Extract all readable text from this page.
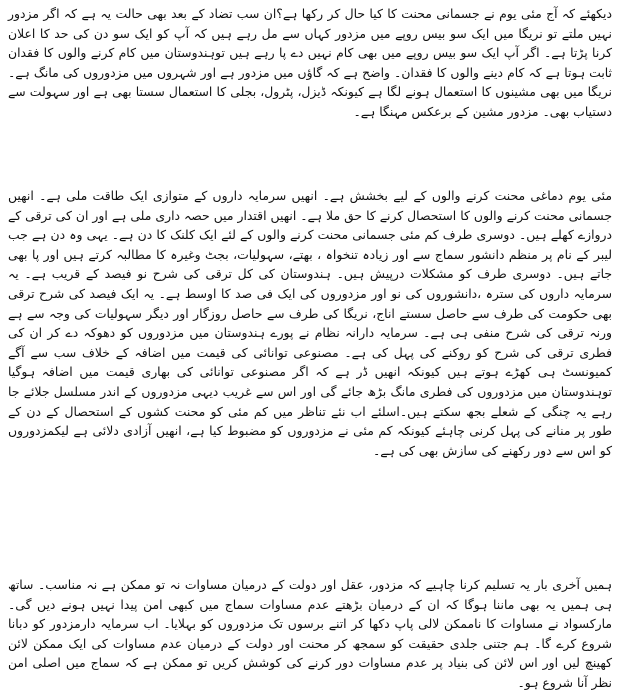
دیکھئے کہ آج مئی یوم نے جسمانی محنت کا کیا حال کر رکھا ہے؟ان سب تضاد کے بعد بھی حالت یہ ہے کہ اگر مزدور نہیں ملتے تو نریگا میں ایک سو بیس روپے میں مزدور کہاں سے مل رہے ہیں کہ آپ کو ایک سو دن کی حد کا اعلان کرنا پڑتا ہے۔ اگر آپ ایک سو بیس روپے میں بھی کام نہیں دے پا رہے ہیں توہندوستان میں کام کرنے والوں کا فقدان ثابت ہوتا ہے کہ کام دینے والوں کا فقدان۔ واضح ہے کہ گاؤں میں مزدور ہے اور شہروں میں مزدوروں کی مانگ ہے۔ نریگا میں بھی مشینوں کا استعمال ہونے لگا ہے کیونکہ ڈیزل، پٹرول، بجلی کا استعمال سستا بھی ہے اور سہولت سے دستیاب بھی۔ مزدور مشین کے برعکس مہنگا ہے۔

مئی یوم دماغی محنت کرنے والوں کے لیے بخشش ہے۔ انھیں سرمایہ داروں کے متوازی ایک طاقت ملی ہے۔ انھیں جسمانی محنت کرنے والوں کا استحصال کرنے کا حق ملا ہے۔ انھیں اقتدار میں حصہ داری ملی ہے اور ان کی ترقی کے دروازے کھلے ہیں۔ دوسری طرف کم مئی جسمانی محنت کرنے والوں کے لئے ایک کلنک کا دن ہے۔ یہی وہ دن ہے جب لیبر کے نام پر منظم دانشور سماج سے اور زیادہ تنخواہ ، بھتے، سہولیات، بجٹ وغیرہ کا مطالبہ کرتے ہیں اور پا بھی جاتے ہیں۔ دوسری طرف کو مشکلات درپیش ہیں۔ ہندوستان کی کل ترقی کی شرح نو فیصد کے قریب ہے۔ یہ سرمایہ داروں کی سترہ ،دانشوروں کی نو اور مزدوروں کی ایک فی صد کا اوسط ہے۔ یہ ایک فیصد کی شرح ترقی بھی حکومت کی طرف سے حاصل سستے اناج، نریگا کی طرف سے حاصل روزگار اور دیگر سہولیات کی وجہ سے ہے ورنہ ترقی کی شرح منفی ہی ہے۔ سرمایہ دارانہ نظام نے پورے ہندوستان میں مزدوروں کو دھوکہ دے کر ان کی فطری ترقی کی شرح کو روکنے کی پہل کی ہے۔ مصنوعی توانائی کی قیمت میں اضافہ کے خلاف سب سے آگے کمیونسٹ ہی کھڑے ہوتے ہیں کیونکہ انھیں ڈر ہے کہ اگر مصنوعی توانائی کی بھاری قیمت میں اضافہ ہوگیا توہندوستان میں مزدوروں کی فطری مانگ بڑھ جائے گی اور اس سے غریب دیہی مزدوروں کے اندر مسلسل جلائے جا رہے یہ چنگی کے شعلے بجھ سکتے ہیں۔اسلئے اب نئے تناظر میں کم مئی کو محنت کشوں کے استحصال کے دن کے طور پر منانے کی پہل کرنی چاہئے کیونکہ کم مئی نے مزدوروں کو مضبوط کیا ہے، انھیں آزادی دلائی ہے لیکمزدوروں کو اس سے دور رکھنے کی سازش بھی کی ہے۔

ہمیں آخری بار یہ تسلیم کرنا چاہیے کہ مزدور، عقل اور دولت کے درمیان مساوات نہ تو ممکن ہے نہ مناسب۔ ساتھ ہی ہمیں یہ بھی ماننا ہوگا کہ ان کے درمیان بڑھتے عدم مساوات سماج میں کبھی امن پیدا نہیں ہونے دیں گی۔ مارکسواد نے مساوات کا ناممکن لالی پاپ دکھا کر اتنے برسوں تک مزدوروں کو بہلایا۔ اب سرمایہ دارمزدور کو دبانا شروع کرے گا۔ ہم جتنی جلدی حقیقت کو سمجھ کر محنت اور دولت کے درمیان عدم مساوات کی ایک ممکن لائن کھینچ لیں اور اس لائن کی بنیاد پر عدم مساوات دور کرنے کی کوشش کریں تو ممکن ہے کہ سماج میں اصلی امن نظر آنا شروع ہو۔
